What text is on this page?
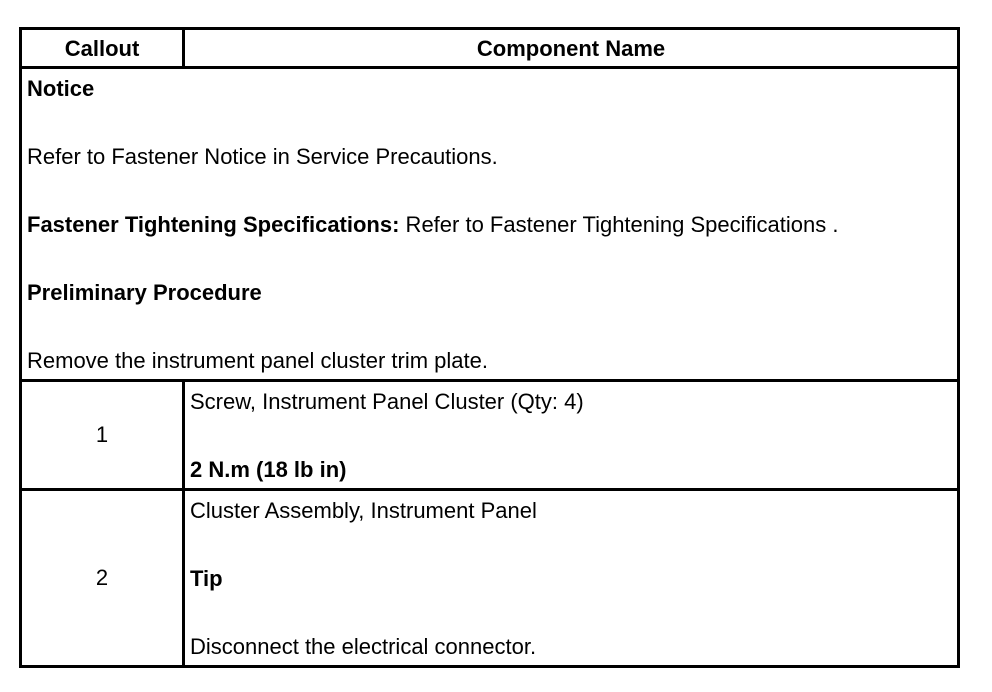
Callout	Component Name

Notice

Refer to Fastener Notice in Service Precautions.

Fastener Tightening Specifications: Refer to Fastener Tightening Specifications .

Preliminary Procedure

Remove the instrument panel cluster trim plate.	

1	Screw, Instrument Panel Cluster (Qty: 4)

2 N.m (18 lb in)

2	Cluster Assembly, Instrument Panel

Tip

Disconnect the electrical connector.
